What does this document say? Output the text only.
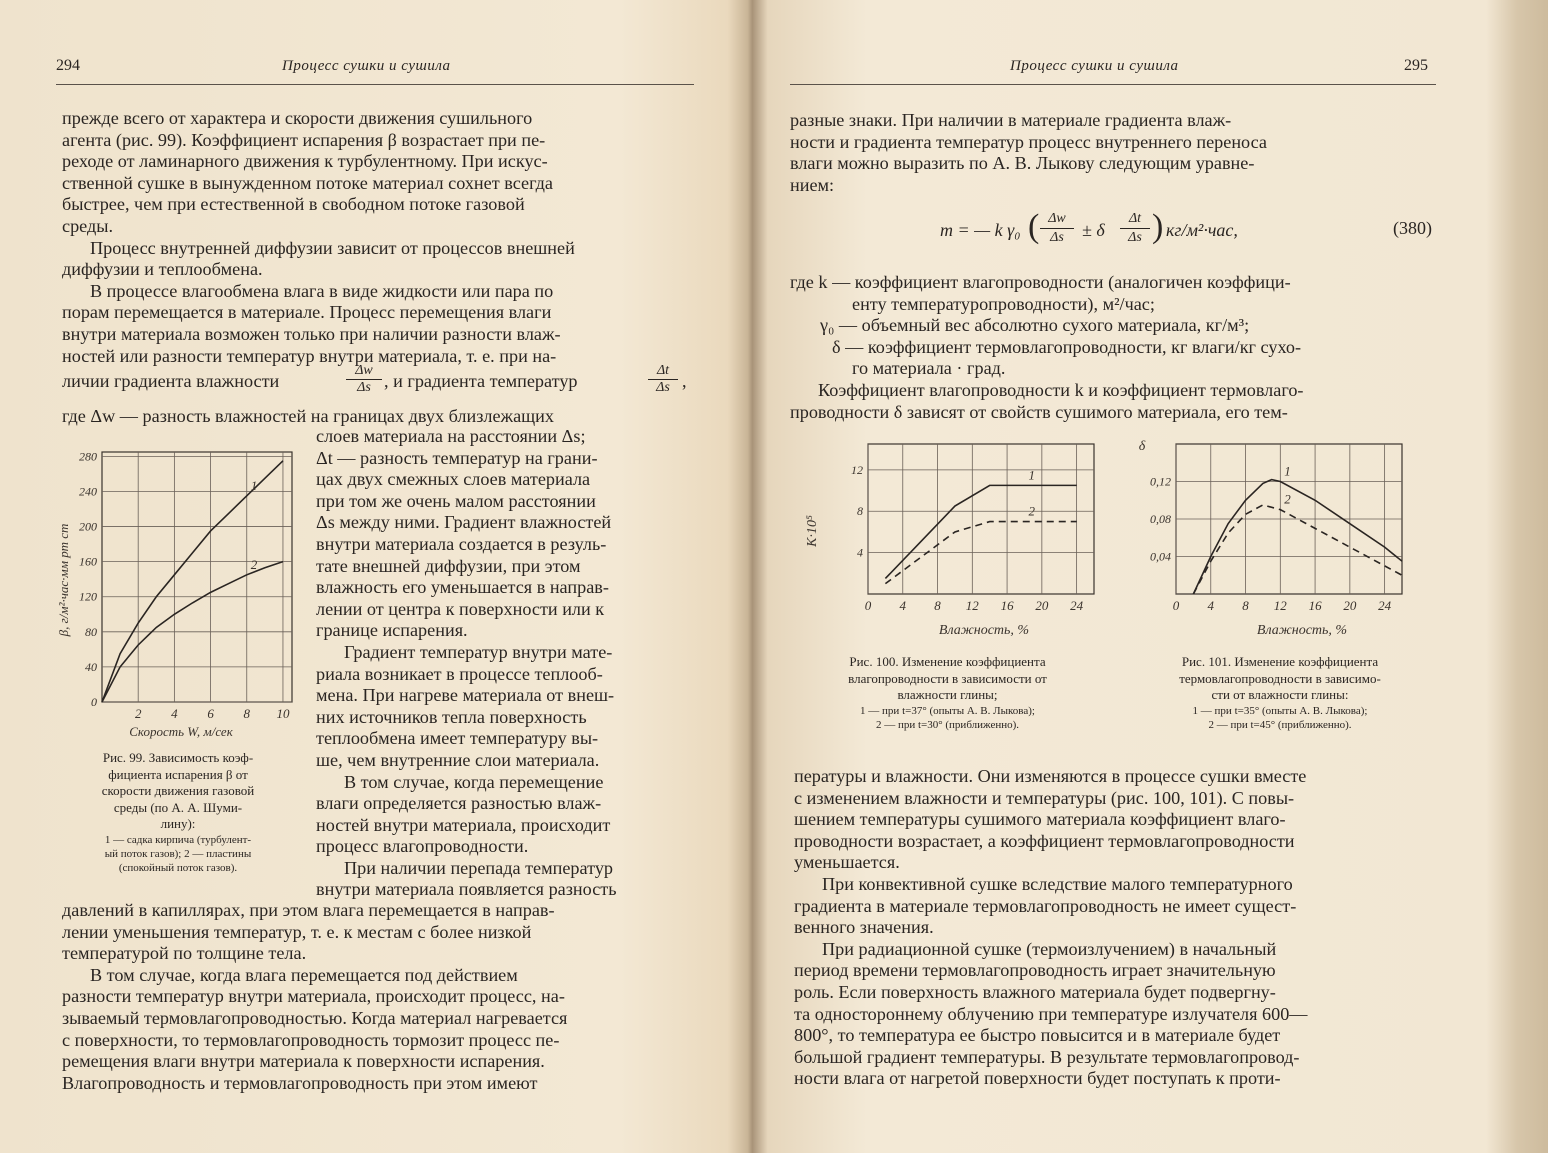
294	Процесс сушки и сушила

прежде всего от характера и скорости движения сушильного

агента (рис. 99). Коэффициент испарения β возрастает при пе-

реходе от ламинарного движения к турбулентному. При искус-

ственной сушке в вынужденном потоке материал сохнет всегда

быстрее, чем при естественной в свободном потоке газовой

среды.

Процесс внутренней диффузии зависит от процессов внешней

диффузии и теплообмена.

В процессе влагообмена влага в виде жидкости или пара по

порам перемещается в материале. Процесс перемещения влаги

внутри материала возможен только при наличии разности влаж-

ностей или разности температур внутри материала, т. е. при на-

личии градиента влажности
Δw
Δs , и градиента температур
Δt
Δs ,
где Δw — разность влажностей на границах двух близлежащих
1
2
2 4 6 8 10
0
40
80
120
160
200
240
280
Скорость W, м/сек
β, г/м²·час·мм рт ст
Рис. 99. Зависимость коэф-
фициента испарения β от
скорости движения газовой
среды (по А. А. Шуми-
лину):
1 — садка кирпича (турбулент-
ый поток газов); 2 — пластины
(спокойный поток газов).

слоев материала на расстоянии Δs;

Δt — разность температур на грани-

цах двух смежных слоев материала

при том же очень малом расстоянии

Δs между ними. Градиент влажностей

внутри материала создается в резуль-

тате внешней диффузии, при этом

влажность его уменьшается в направ-

лении от центра к поверхности или к

границе испарения.

Градиент температур внутри мате-

риала возникает в процессе теплооб-

мена. При нагреве материала от внеш-

них источников тепла поверхность

теплообмена имеет температуру вы-

ше, чем внутренние слои материала.

В том случае, когда перемещение

влаги определяется разностью влаж-

ностей внутри материала, происходит

процесс влагопроводности.

При наличии перепада температур

внутри материала появляется разность

давлений в капиллярах, при этом влага перемещается в направ-

лении уменьшения температур, т. е. к местам с более низкой

температурой по толщине тела.

В том случае, когда влага перемещается под действием

разности температур внутри материала, происходит процесс, на-

зываемый термовлагопроводностью. Когда материал нагревается

с поверхности, то термовлагопроводность тормозит процесс пе-

ремещения влаги внутри материала к поверхности испарения.

Влагопроводность и термовлагопроводность при этом имеют

Процесс сушки и сушила	295

разные знаки. При наличии в материале градиента влаж-

ности и градиента температур процесс внутреннего переноса

влаги можно выразить по А. В. Лыкову следующим уравне-

нием:

m = — k γ₀ ( Δw
Δs	± δ
Δt
Δs ) кг/м²·час,	(380)

где k — коэффициент влагопроводности (аналогичен коэффици-

енту температуропроводности), м²/час;

γ₀ — объемный вес абсолютно сухого материала, кг/м³;

δ — коэффициент термовлагопроводности, кг влаги/кг сухо-

го материала · град.

Коэффициент влагопроводности k и коэффициент термовлаго-

проводности δ зависят от свойств сушимого материала, его тем-

1
2
0 4 8 12 16 20 24
4
8
12
Влажность, %
K·10⁵
1
2
0 4 8 12 16 20 24
0,04
0,08
0,12
Влажность, %
δ
Рис. 100. Изменение коэффициента
влагопроводности в зависимости от
влажности глины;
1 — при t=37° (опыты А. В. Лыкова);
2 — при t=30° (приближенно).
Рис. 101. Изменение коэффициента
термовлагопроводности в зависимо-
сти от влажности глины:
1 — при t=35° (опыты А. В. Лыкова);
2 — при t=45° (приближенно).

пературы и влажности. Они изменяются в процессе сушки вместе

с изменением влажности и температуры (рис. 100, 101). С повы-

шением температуры сушимого материала коэффициент влаго-

проводности возрастает, а коэффициент термовлагопроводности

уменьшается.

При конвективной сушке вследствие малого температурного

градиента в материале термовлагопроводность не имеет сущест-

венного значения.

При радиационной сушке (термоизлучением) в начальный

период времени термовлагопроводность играет значительную

роль. Если поверхность влажного материала будет подвергну-

та одностороннему облучению при температуре излучателя 600—

800°, то температура ее быстро повысится и в материале будет

большой градиент температуры. В результате термовлагопровод-

ности влага от нагретой поверхности будет поступать к проти-
